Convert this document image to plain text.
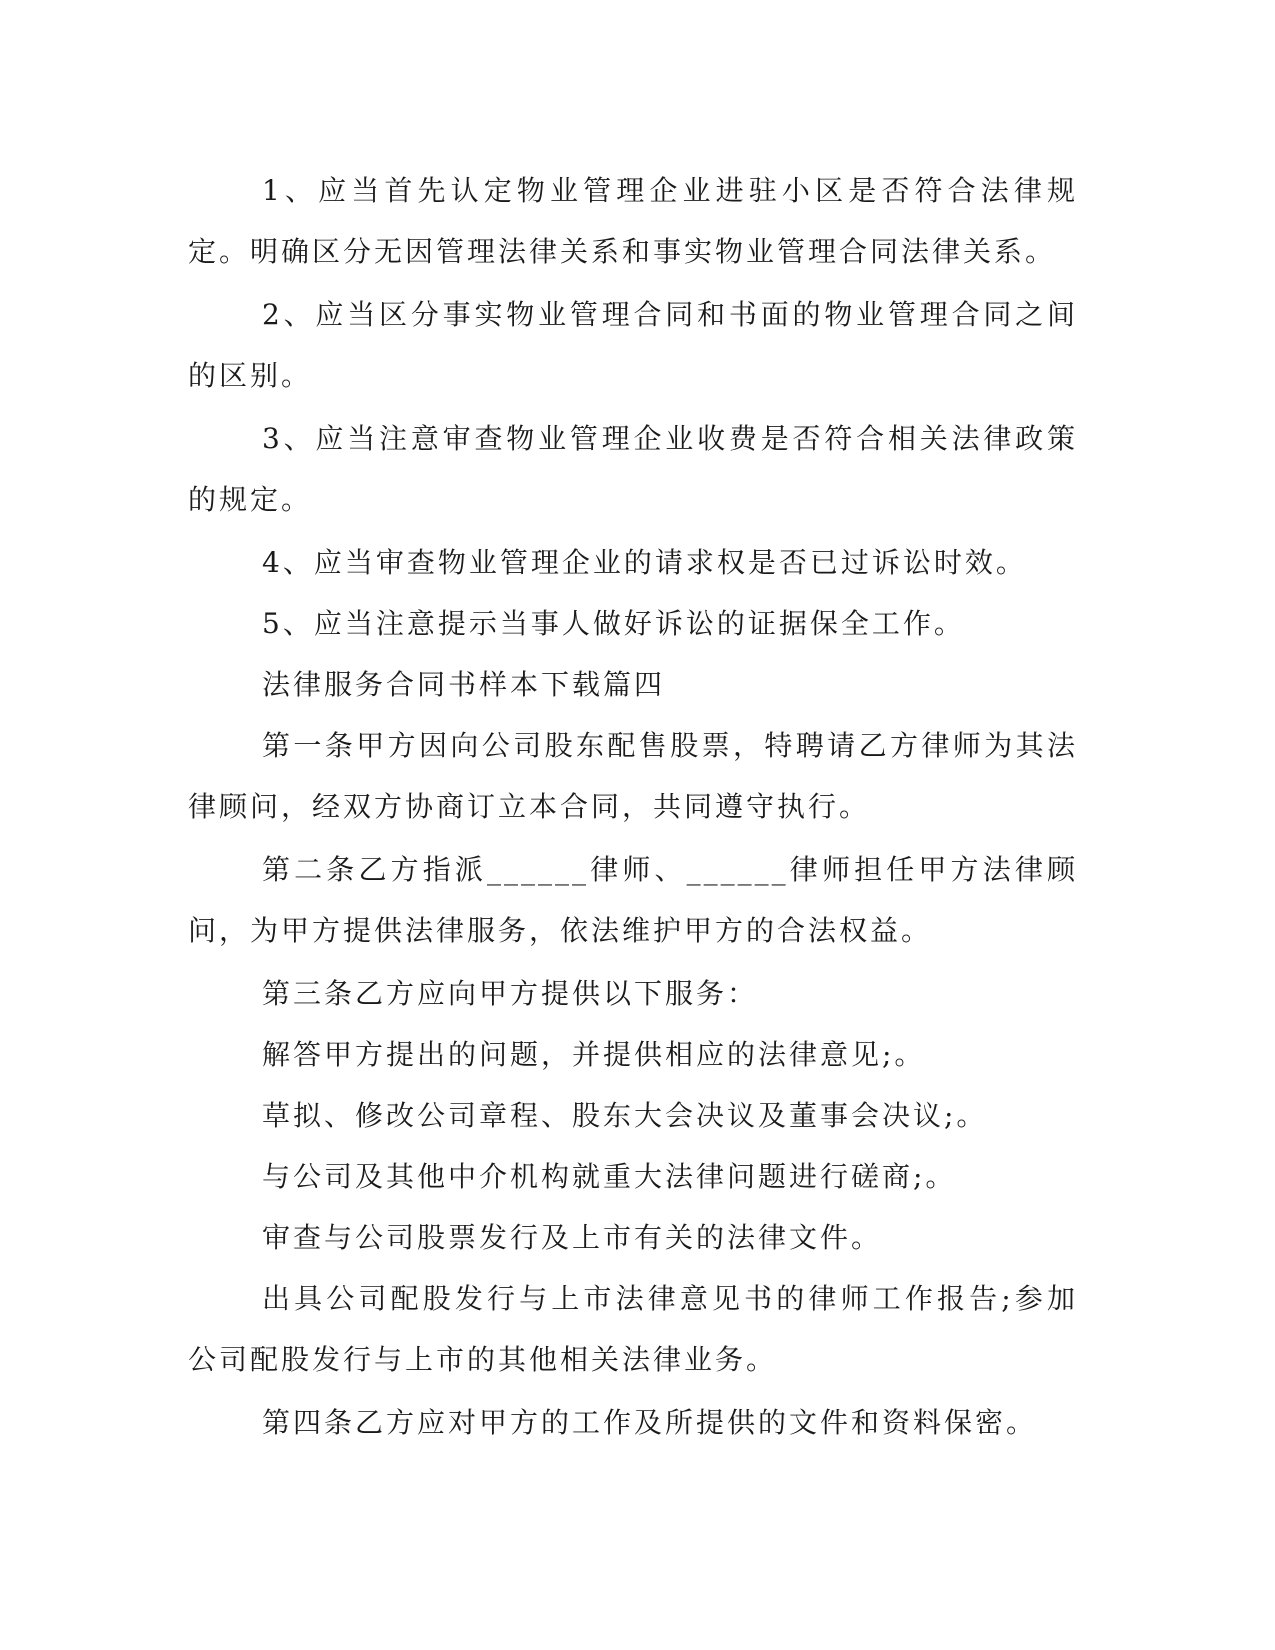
1、应当首先认定物业管理企业进驻小区是否符合法律规定。明确区分无因管理法律关系和事实物业管理合同法律关系。

2、应当区分事实物业管理合同和书面的物业管理合同之间的区别。

3、应当注意审查物业管理企业收费是否符合相关法律政策的规定。

4、应当审查物业管理企业的请求权是否已过诉讼时效。

5、应当注意提示当事人做好诉讼的证据保全工作。

法律服务合同书样本下载篇四

第一条甲方因向公司股东配售股票，特聘请乙方律师为其法律顾问，经双方协商订立本合同，共同遵守执行。

第二条乙方指派______律师、______律师担任甲方法律顾问，为甲方提供法律服务，依法维护甲方的合法权益。

第三条乙方应向甲方提供以下服务：

解答甲方提出的问题，并提供相应的法律意见;。

草拟、修改公司章程、股东大会决议及董事会决议;。

与公司及其他中介机构就重大法律问题进行磋商;。

审查与公司股票发行及上市有关的法律文件。

出具公司配股发行与上市法律意见书的律师工作报告;参加公司配股发行与上市的其他相关法律业务。

第四条乙方应对甲方的工作及所提供的文件和资料保密。
